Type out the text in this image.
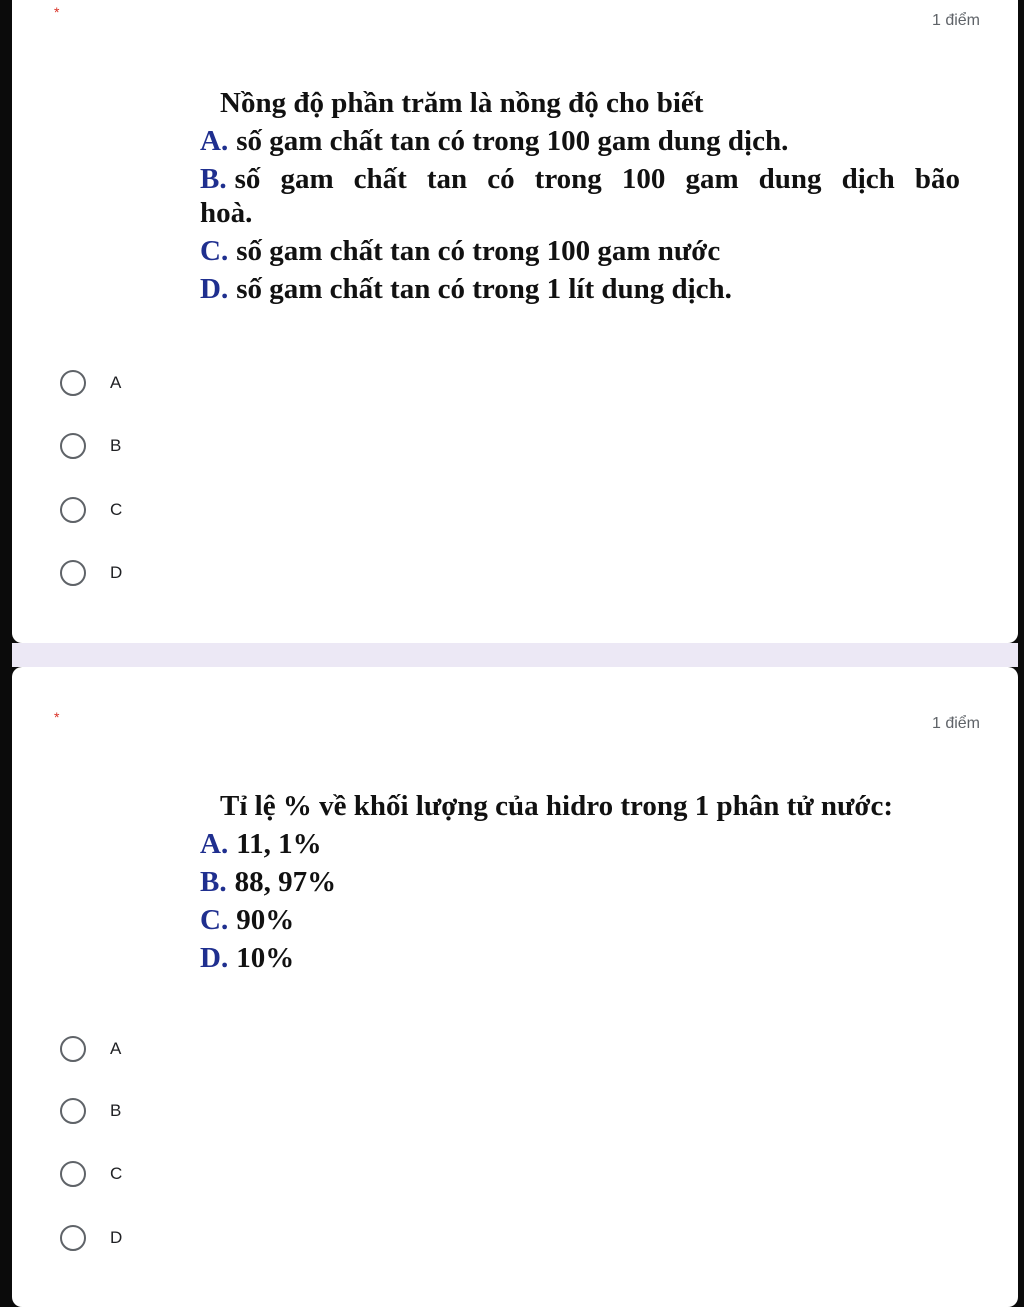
*	1 điểm
Nồng độ phần trăm là nồng độ cho biết
A. số gam chất tan có trong 100 gam dung dịch.
B. số gam chất tan có trong 100 gam dung dịch bão
hoà.
C. số gam chất tan có trong 100 gam nước
D. số gam chất tan có trong 1 lít dung dịch.
A
B
C
D
*	1 điểm
Tỉ lệ % về khối lượng của hidro trong 1 phân tử nước:
A. 11, 1%
B. 88, 97%
C. 90%
D. 10%
A
B
C
D
